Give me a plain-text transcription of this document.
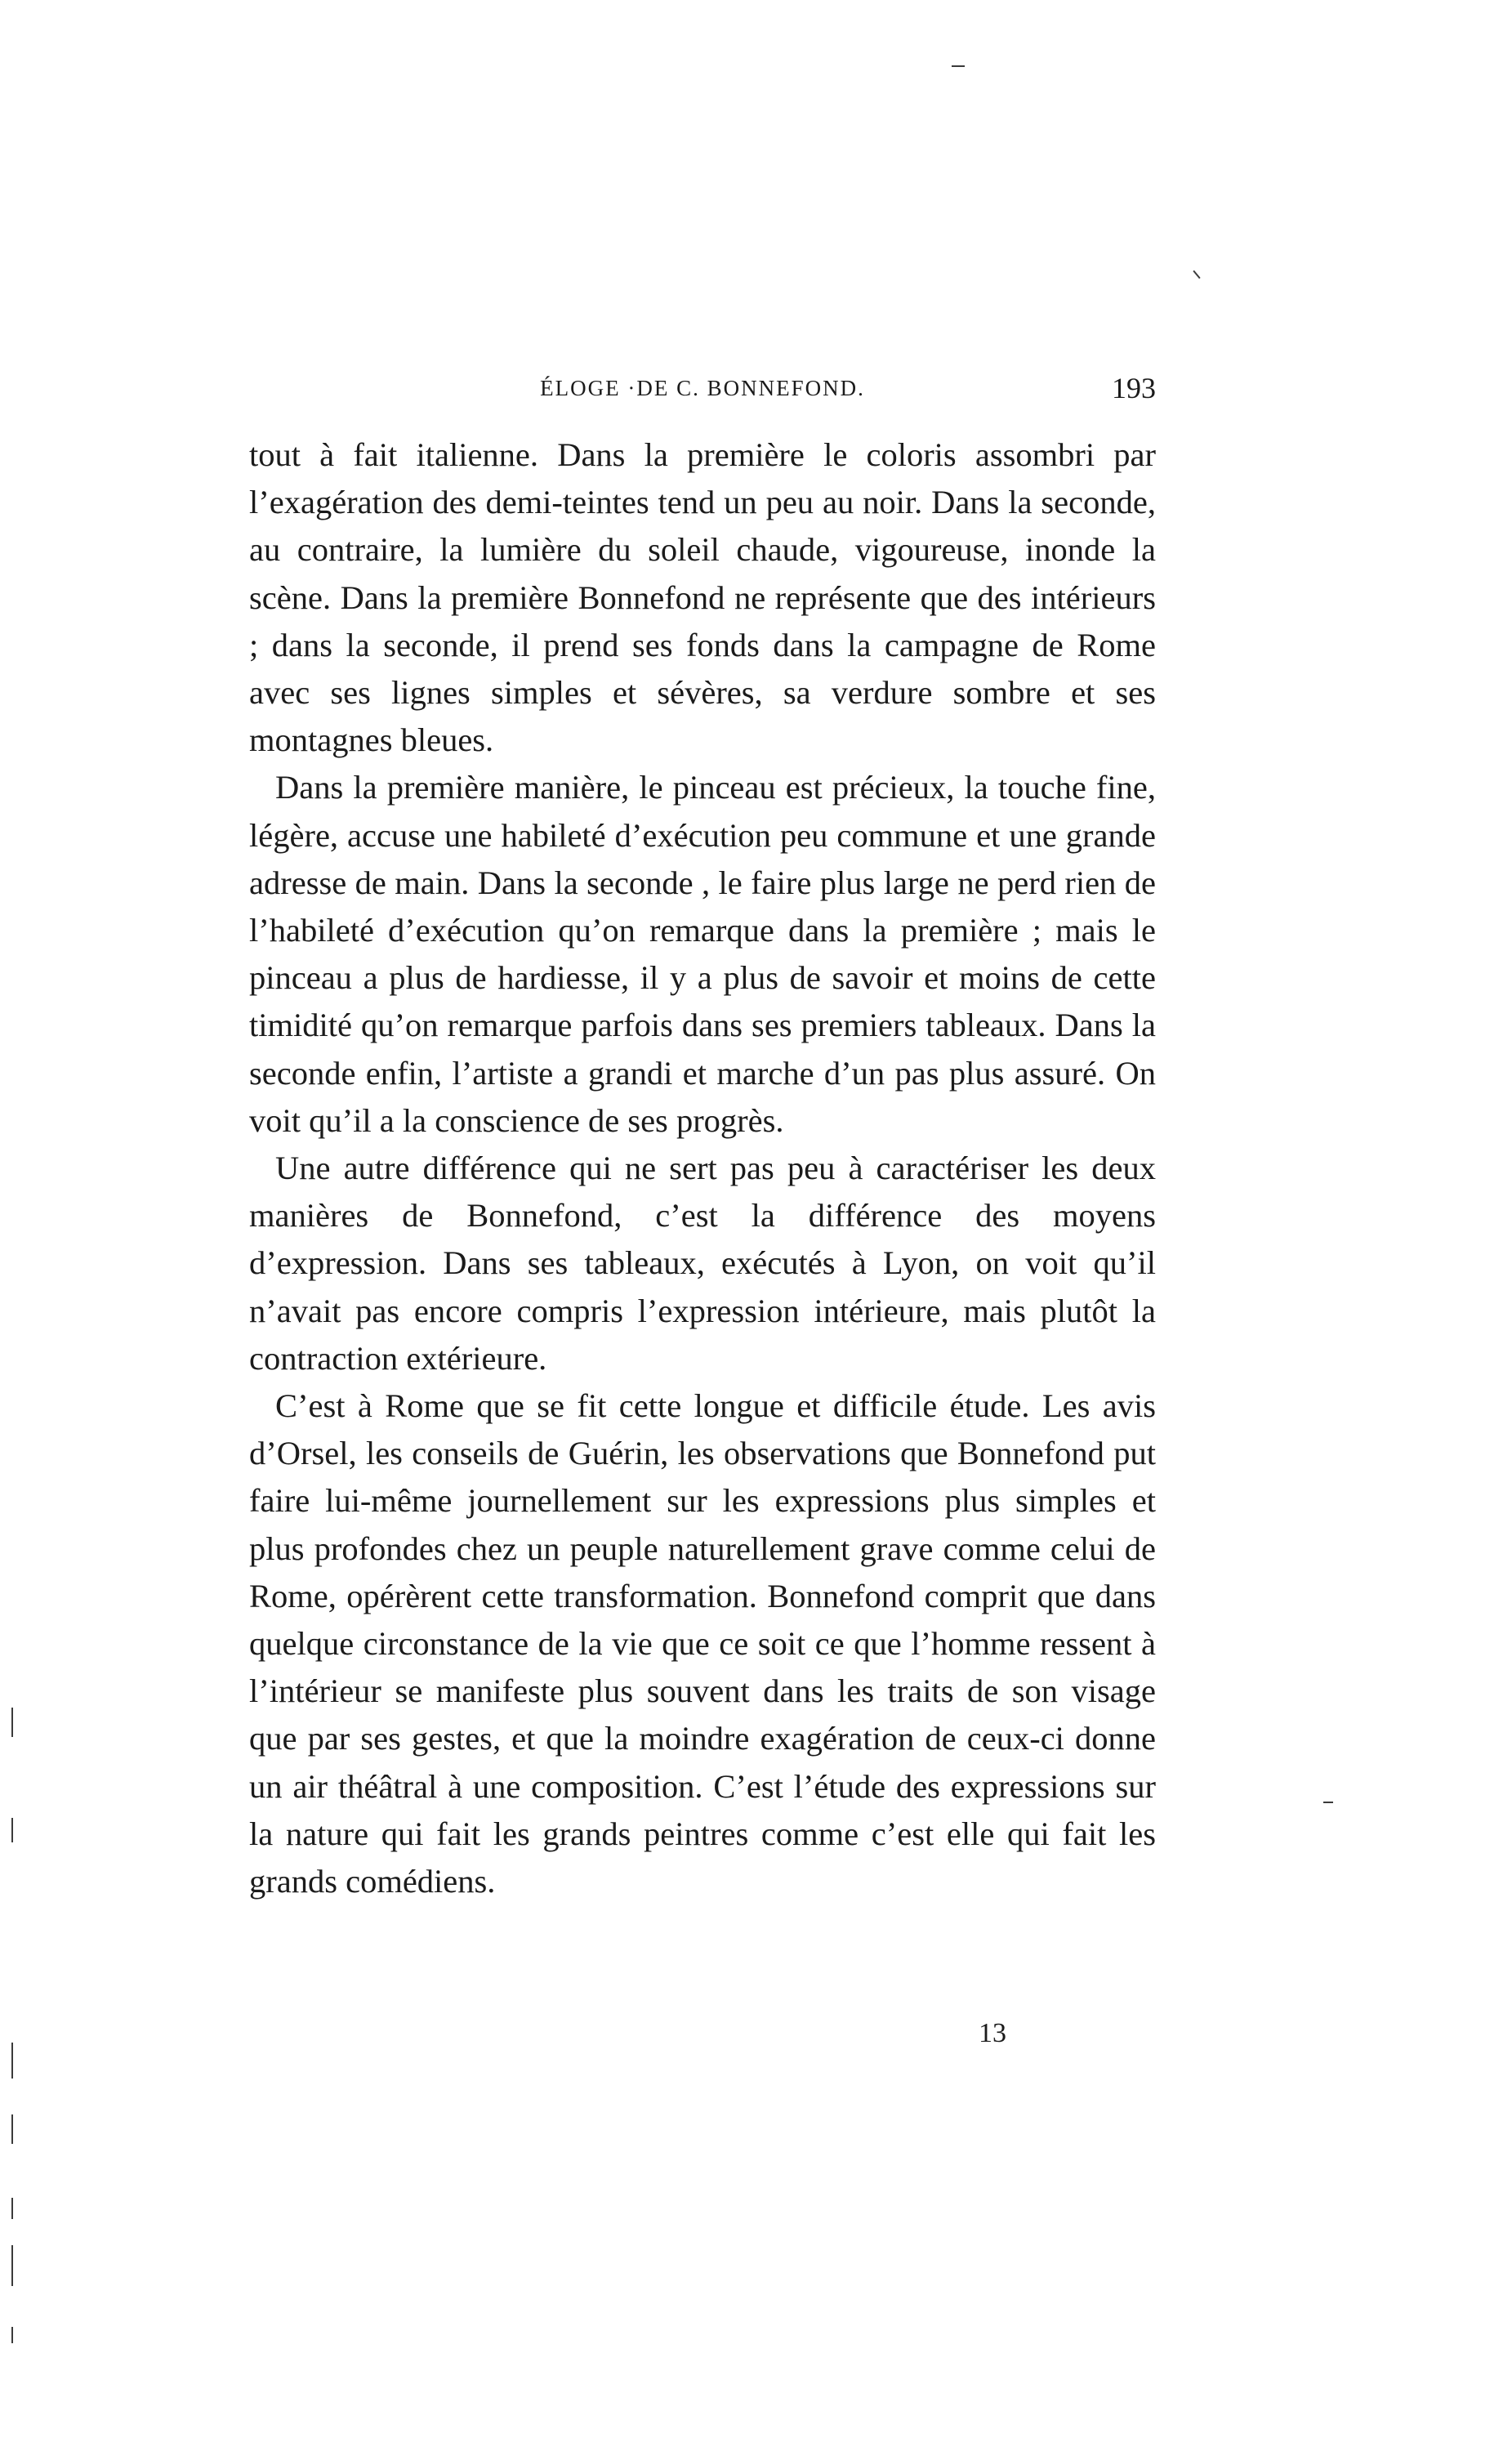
ÉLOGE ·DE C. BONNEFOND.	193

tout à fait italienne. Dans la première le coloris assombri par l’exagération des demi-teintes tend un peu au noir. Dans la seconde, au contraire, la lumière du soleil chaude, vigoureuse, inonde la scène. Dans la première Bonnefond ne représente que des intérieurs ; dans la seconde, il prend ses fonds dans la campagne de Rome avec ses lignes simples et sévères, sa verdure sombre et ses montagnes bleues.

Dans la première manière, le pinceau est précieux, la touche fine, légère, accuse une habileté d’exécution peu commune et une grande adresse de main. Dans la seconde , le faire plus large ne perd rien de l’habileté d’exécution qu’on remarque dans la première ; mais le pinceau a plus de hardiesse, il y a plus de savoir et moins de cette timidité qu’on remarque parfois dans ses premiers tableaux. Dans la seconde enfin, l’artiste a grandi et marche d’un pas plus assuré. On voit qu’il a la conscience de ses progrès.

Une autre différence qui ne sert pas peu à caractériser les deux manières de Bonnefond, c’est la différence des moyens d’expression. Dans ses tableaux, exécutés à Lyon, on voit qu’il n’avait pas encore compris l’expression intérieure, mais plutôt la contraction extérieure.

C’est à Rome que se fit cette longue et difficile étude. Les avis d’Orsel, les conseils de Guérin, les observations que Bonnefond put faire lui-même journellement sur les expressions plus simples et plus profondes chez un peuple naturellement grave comme celui de Rome, opérèrent cette transformation. Bonnefond comprit que dans quelque circonstance de la vie que ce soit ce que l’homme ressent à l’intérieur se manifeste plus souvent dans les traits de son visage que par ses gestes, et que la moindre exagération de ceux-ci donne un air théâtral à une composition. C’est l’étude des expressions sur la nature qui fait les grands peintres comme c’est elle qui fait les grands comédiens.

13
